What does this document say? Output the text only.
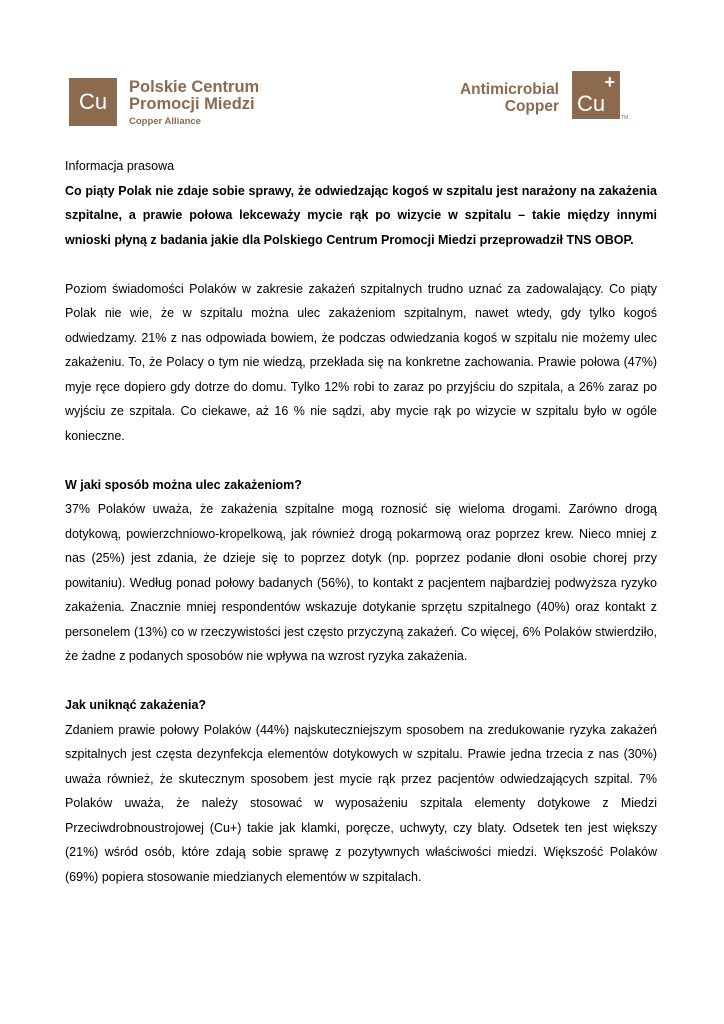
Cu
Polskie Centrum
Promocji Miedzi
Copper Alliance
Antimicrobial
Copper Cu
+
TM

Informacja prasowa

Co piąty Polak nie zdaje sobie sprawy, że odwiedzając kogoś w szpitalu jest narażony na zakażenia szpitalne, a prawie połowa lekceważy mycie rąk po wizycie w szpitalu – takie między innymi wnioski płyną z badania jakie dla Polskiego Centrum Promocji Miedzi przeprowadził TNS OBOP.

Poziom świadomości Polaków w zakresie zakażeń szpitalnych trudno uznać za zadowalający. Co piąty Polak nie wie, że w szpitalu można ulec zakażeniom szpitalnym, nawet wtedy, gdy tylko kogoś odwiedzamy. 21% z nas odpowiada bowiem, że podczas odwiedzania kogoś w szpitalu nie możemy ulec zakażeniu. To, że Polacy o tym nie wiedzą, przekłada się na konkretne zachowania. Prawie połowa (47%) myje ręce dopiero gdy dotrze do domu. Tylko 12% robi to zaraz po przyjściu do szpitala, a 26% zaraz po wyjściu ze szpitala. Co ciekawe, aż 16 % nie sądzi, aby mycie rąk po wizycie w szpitalu było w ogóle konieczne.

W jaki sposób można ulec zakażeniom?

37% Polaków uważa, że zakażenia szpitalne mogą roznosić się wieloma drogami. Zarówno drogą dotykową, powierzchniowo-kropelkową, jak również drogą pokarmową oraz poprzez krew. Nieco mniej z nas (25%) jest zdania, że dzieje się to poprzez dotyk (np. poprzez podanie dłoni osobie chorej przy powitaniu). Według ponad połowy badanych (56%), to kontakt z pacjentem najbardziej podwyższa ryzyko zakażenia. Znacznie mniej respondentów wskazuje dotykanie sprzętu szpitalnego (40%) oraz kontakt z personelem (13%) co w rzeczywistości jest często przyczyną zakażeń. Co więcej, 6% Polaków stwierdziło, że żadne z podanych sposobów nie wpływa na wzrost ryzyka zakażenia.

Jak uniknąć zakażenia?

Zdaniem prawie połowy Polaków (44%) najskuteczniejszym sposobem na zredukowanie ryzyka zakażeń szpitalnych jest częsta dezynfekcja elementów dotykowych w szpitalu. Prawie jedna trzecia z nas (30%) uważa również, że skutecznym sposobem jest mycie rąk przez pacjentów odwiedzających szpital. 7% Polaków uważa, że należy stosować w wyposażeniu szpitala elementy dotykowe z Miedzi Przeciwdrobnoustrojowej (Cu+) takie jak klamki, poręcze, uchwyty, czy blaty. Odsetek ten jest większy (21%) wśród osób, które zdają sobie sprawę z pozytywnych właściwości miedzi. Większość Polaków (69%) popiera stosowanie miedzianych elementów w szpitalach.
